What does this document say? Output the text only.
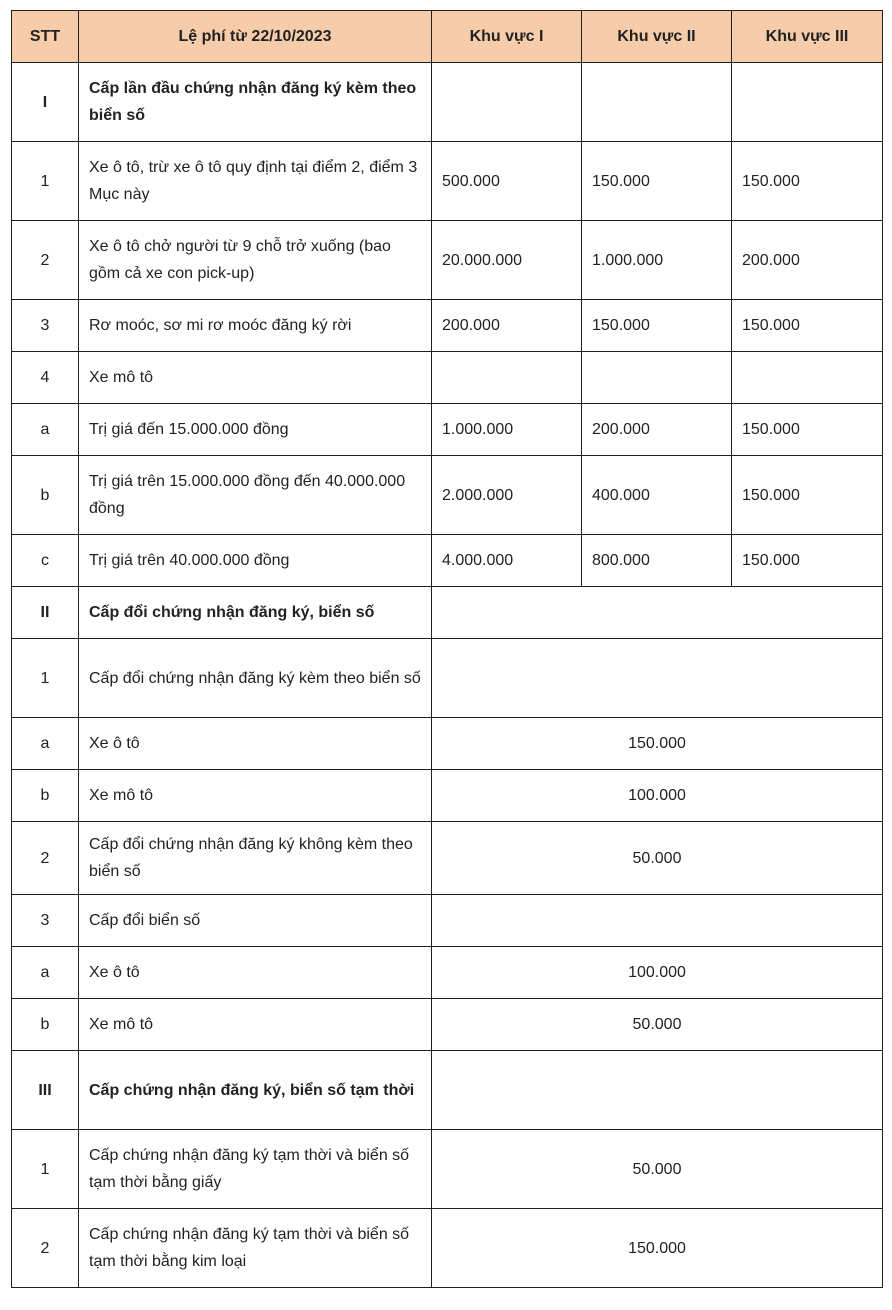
STT	Lệ phí từ 22/10/2023	Khu vực I	Khu vực II	Khu vực III
I	Cấp lần đầu chứng nhận đăng ký kèm theo biển số			
1	Xe ô tô, trừ xe ô tô quy định tại điểm 2, điểm 3 Mục này	500.000	150.000	150.000
2	Xe ô tô chở người từ 9 chỗ trở xuống (bao gồm cả xe con pick-up)	20.000.000	1.000.000	200.000
3	Rơ moóc, sơ mi rơ moóc đăng ký rời	200.000	150.000	150.000
4	Xe mô tô			
a	Trị giá đến 15.000.000 đồng	1.000.000	200.000	150.000
b	Trị giá trên 15.000.000 đồng đến 40.000.000 đồng	2.000.000	400.000	150.000
c	Trị giá trên 40.000.000 đồng	4.000.000	800.000	150.000
II	Cấp đổi chứng nhận đăng ký, biển số			
1	Cấp đổi chứng nhận đăng ký kèm theo biển số			
a	Xe ô tô	150.000		
b	Xe mô tô	100.000		
2	Cấp đổi chứng nhận đăng ký không kèm theo biển số	50.000		
3	Cấp đổi biển số			
a	Xe ô tô	100.000		
b	Xe mô tô	50.000		
III	Cấp chứng nhận đăng ký, biển số tạm thời			
1	Cấp chứng nhận đăng ký tạm thời và biển số tạm thời bằng giấy	50.000		
2	Cấp chứng nhận đăng ký tạm thời và biển số tạm thời bằng kim loại	150.000		
